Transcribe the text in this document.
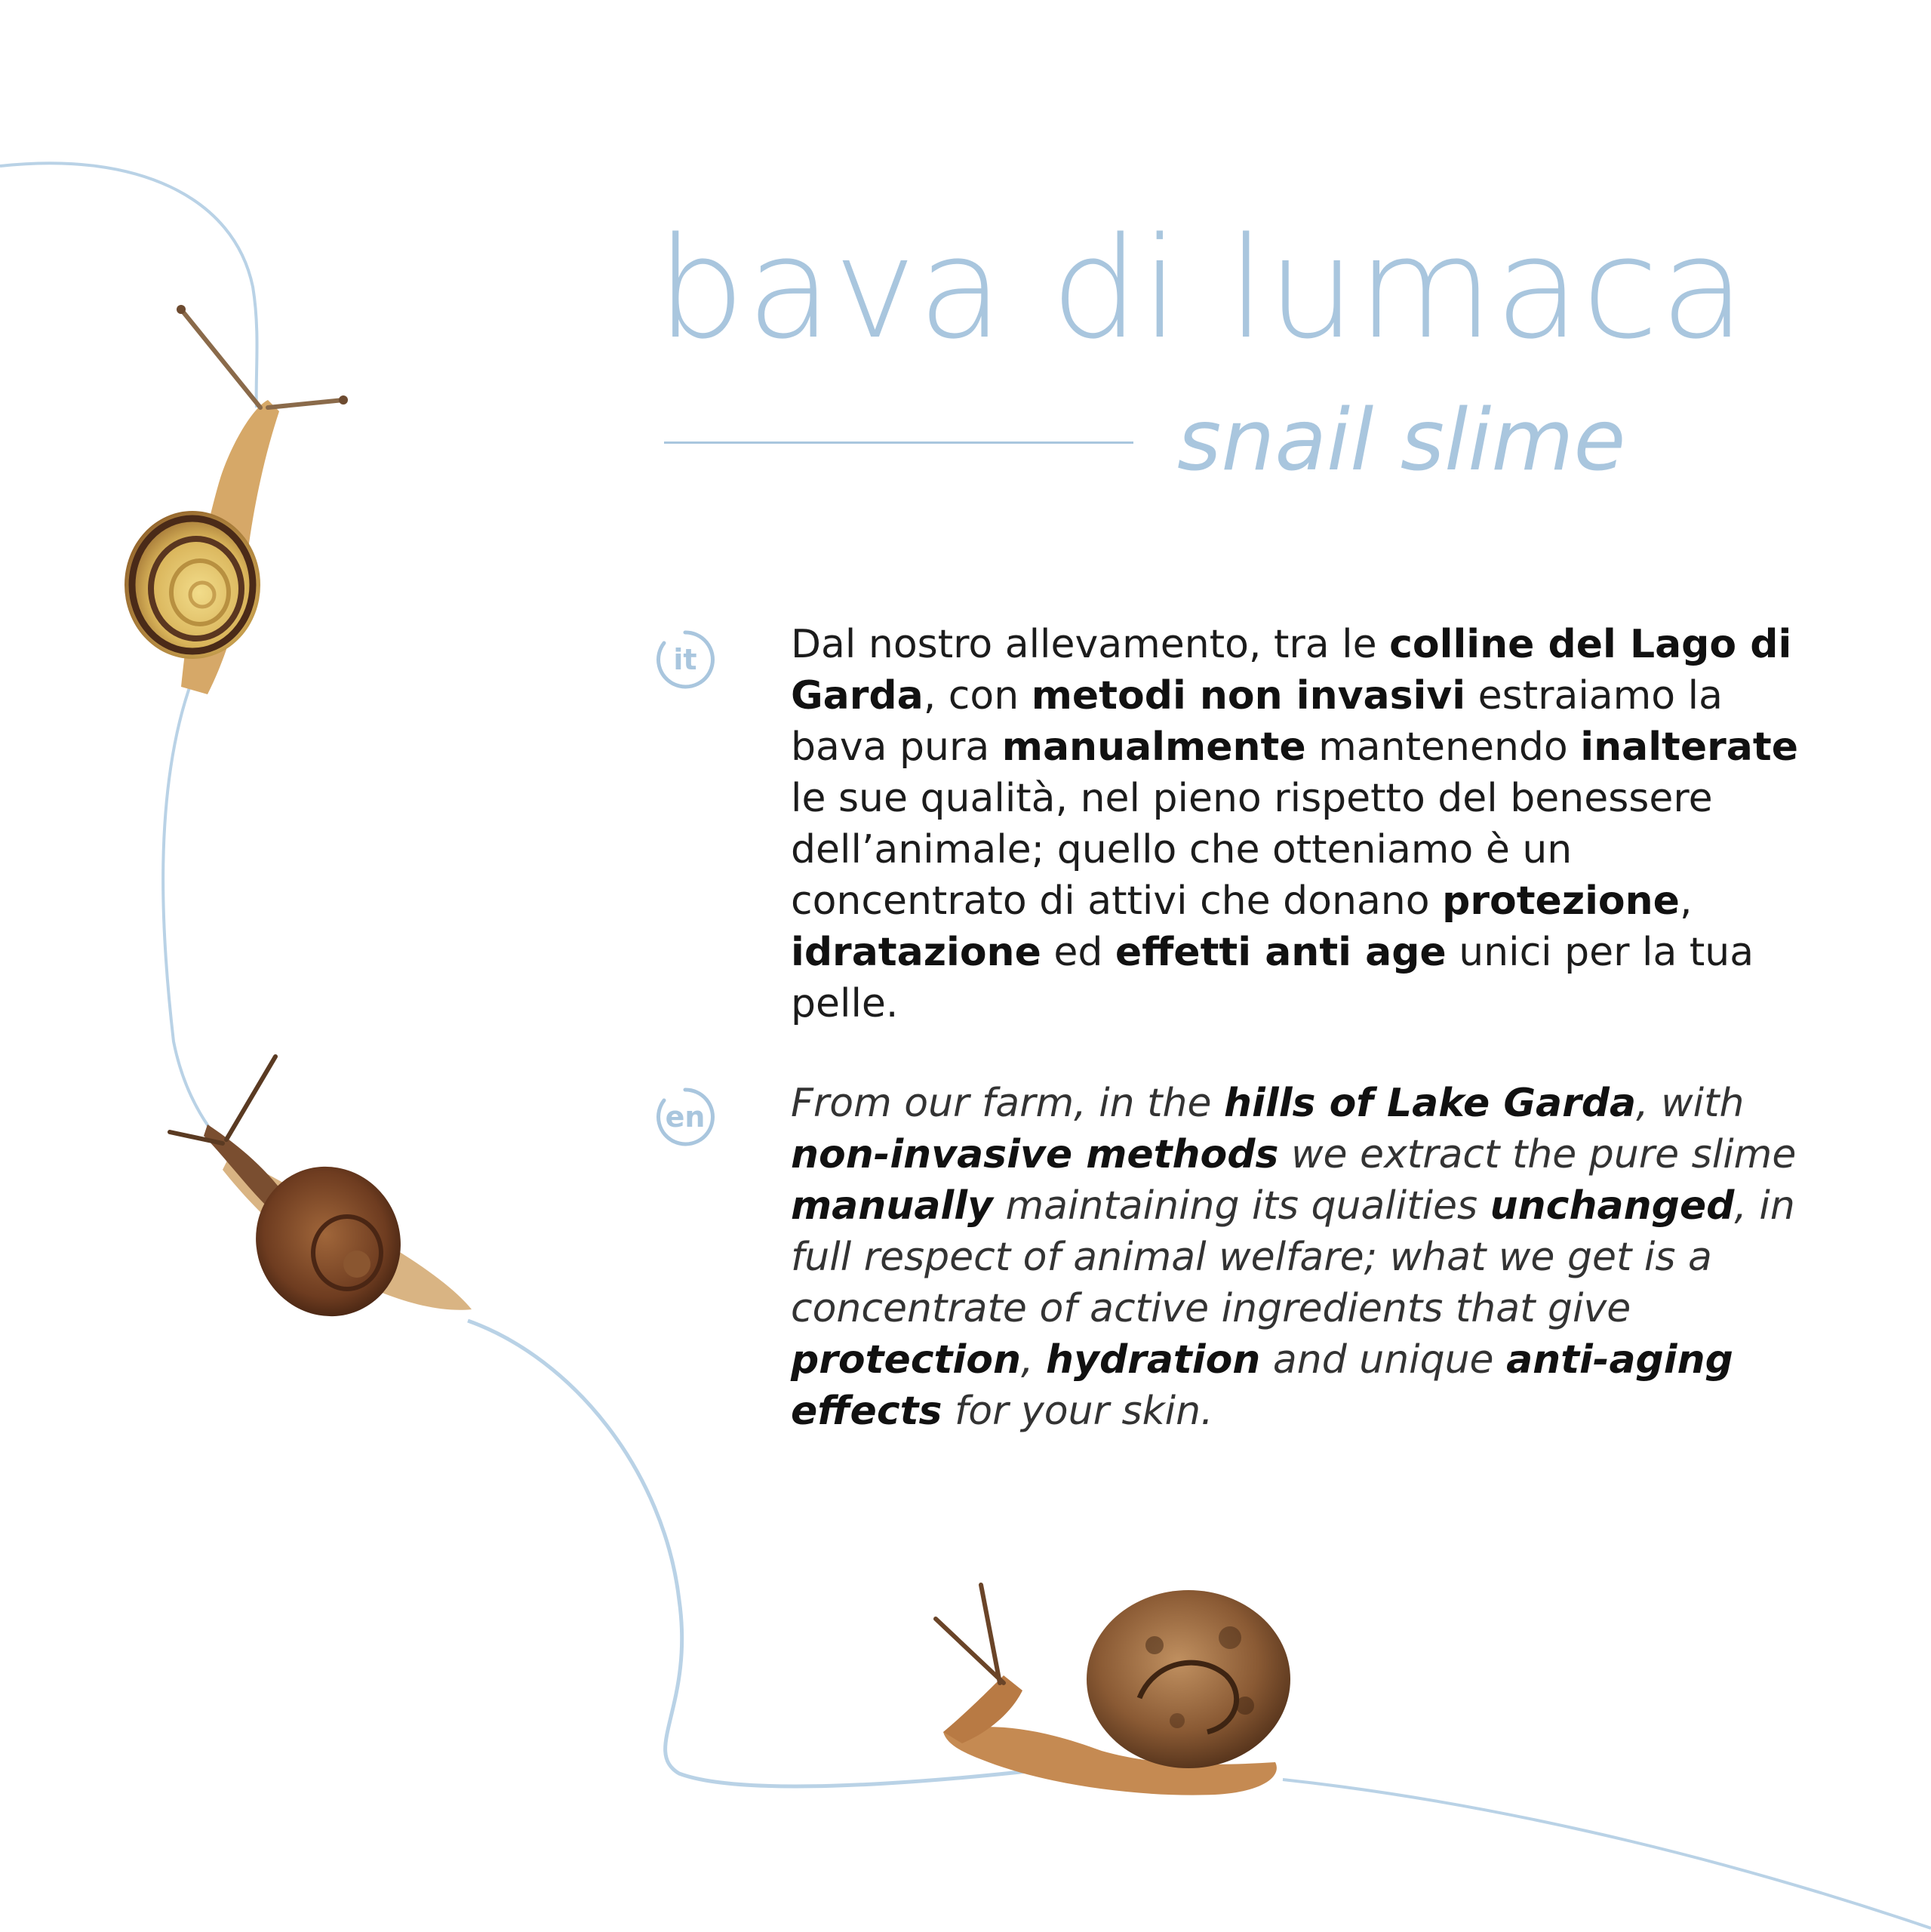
bava di lumaca
snail slime
it Dal nostro allevamento, tra le colline del Lago di Garda, con metodi non invasivi estraiamo la bava pura manualmente mantenendo inalterate le sue qualità, nel pieno rispetto del benessere dell’animale; quello che otteniamo è un concentrato di attivi che donano protezione, idratazione ed effetti anti age unici per la tua pelle.
en From our farm, in the hills of Lake Garda, with non-invasive methods we extract the pure slime manually maintaining its qualities unchanged, in full respect of animal welfare; what we get is a concentrate of active ingredients that give protection, hydration and unique anti-aging effects for your skin.
